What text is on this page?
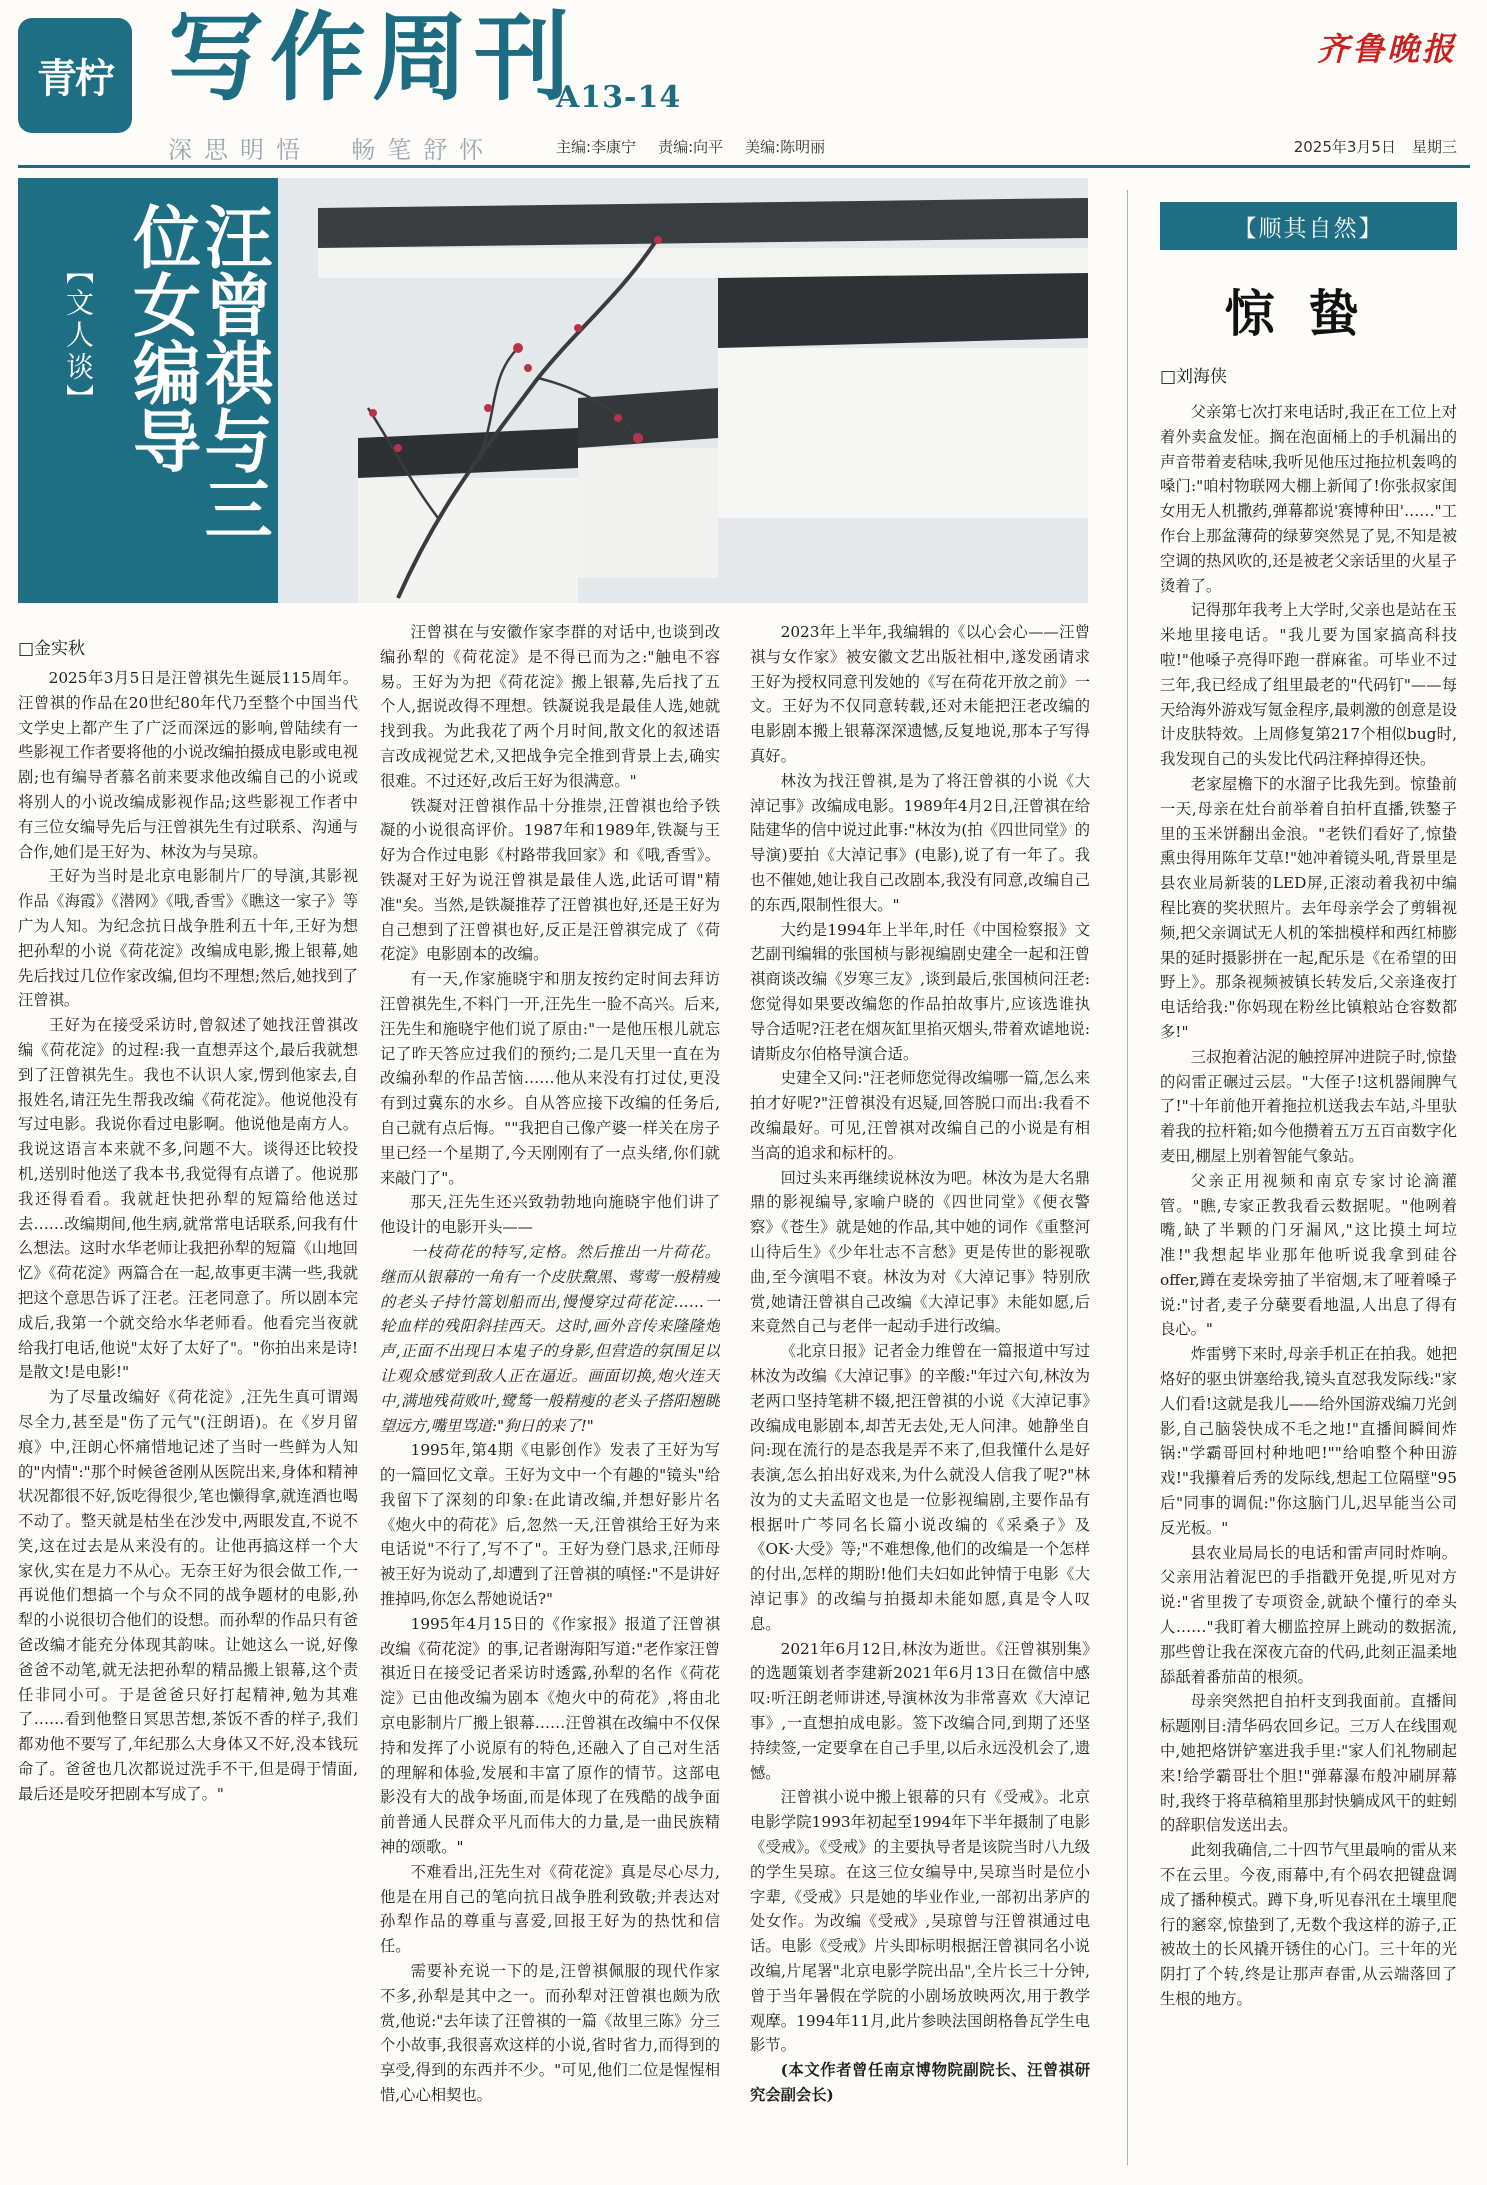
青柠 写作周刊
A13-14
齐鲁晚报
深思明悟  畅笔舒怀	主编:李康宁 责编:向平 美编:陈明丽	2025年3月5日 星期三
汪曾祺与三位女编导
【文人谈】
□金实秋

2025年3月5日是汪曾祺先生诞辰115周年。汪曾祺的作品在20世纪80年代乃至整个中国当代文学史上都产生了广泛而深远的影响,曾陆续有一些影视工作者要将他的小说改编拍摄成电影或电视剧;也有编导者慕名前来要求他改编自己的小说或将别人的小说改编成影视作品;这些影视工作者中有三位女编导先后与汪曾祺先生有过联系、沟通与合作,她们是王好为、林汝为与吴琼。

王好为当时是北京电影制片厂的导演,其影视作品《海霞》《潜网》《哦,香雪》《瞧这一家子》等广为人知。为纪念抗日战争胜利五十年,王好为想把孙犁的小说《荷花淀》改编成电影,搬上银幕,她先后找过几位作家改编,但均不理想;然后,她找到了汪曾祺。

王好为在接受采访时,曾叙述了她找汪曾祺改编《荷花淀》的过程:我一直想弄这个,最后我就想到了汪曾祺先生。我也不认识人家,愣到他家去,自报姓名,请汪先生帮我改编《荷花淀》。他说他没有写过电影。我说你看过电影啊。他说他是南方人。我说这语言本来就不多,问题不大。谈得还比较投机,送别时他送了我本书,我觉得有点谱了。他说那我还得看看。我就赶快把孙犁的短篇给他送过去……改编期间,他生病,就常常电话联系,问我有什么想法。这时水华老师让我把孙犁的短篇《山地回忆》《荷花淀》两篇合在一起,故事更丰满一些,我就把这个意思告诉了汪老。汪老同意了。所以剧本完成后,我第一个就交给水华老师看。他看完当夜就给我打电话,他说"太好了太好了"。"你拍出来是诗!是散文!是电影!"

为了尽量改编好《荷花淀》,汪先生真可谓竭尽全力,甚至是"伤了元气"(汪朗语)。在《岁月留痕》中,汪朗心怀痛惜地记述了当时一些鲜为人知的"内情":"那个时候爸爸刚从医院出来,身体和精神状况都很不好,饭吃得很少,笔也懒得拿,就连酒也喝不动了。整天就是枯坐在沙发中,两眼发直,不说不笑,这在过去是从来没有的。让他再搞这样一个大家伙,实在是力不从心。无奈王好为很会做工作,一再说他们想搞一个与众不同的战争题材的电影,孙犁的小说很切合他们的设想。而孙犁的作品只有爸爸改编才能充分体现其韵味。让她这么一说,好像爸爸不动笔,就无法把孙犁的精品搬上银幕,这个责任非同小可。于是爸爸只好打起精神,勉为其难了……看到他整日冥思苦想,茶饭不香的样子,我们都劝他不要写了,年纪那么大身体又不好,没本钱玩命了。爸爸也几次都说过洗手不干,但是碍于情面,最后还是咬牙把剧本写成了。"

汪曾祺在与安徽作家李群的对话中,也谈到改编孙犁的《荷花淀》是不得已而为之:"触电不容易。王好为为把《荷花淀》搬上银幕,先后找了五个人,据说改得不理想。铁凝说我是最佳人选,她就找到我。为此我花了两个月时间,散文化的叙述语言改成视觉艺术,又把战争完全推到背景上去,确实很难。不过还好,改后王好为很满意。"

铁凝对汪曾祺作品十分推崇,汪曾祺也给予铁凝的小说很高评价。1987年和1989年,铁凝与王好为合作过电影《村路带我回家》和《哦,香雪》。铁凝对王好为说汪曾祺是最佳人选,此话可谓"精准"矣。当然,是铁凝推荐了汪曾祺也好,还是王好为自己想到了汪曾祺也好,反正是汪曾祺完成了《荷花淀》电影剧本的改编。

有一天,作家施晓宇和朋友按约定时间去拜访汪曾祺先生,不料门一开,汪先生一脸不高兴。后来,汪先生和施晓宇他们说了原由:"一是他压根儿就忘记了昨天答应过我们的预约;二是几天里一直在为改编孙犁的作品苦恼……他从来没有打过仗,更没有到过冀东的水乡。自从答应接下改编的任务后,自己就有点后悔。""我把自己像产婆一样关在房子里已经一个星期了,今天刚刚有了一点头绪,你们就来敲门了"。

那天,汪先生还兴致勃勃地向施晓宇他们讲了他设计的电影开头——

一枝荷花的特写,定格。然后推出一片荷花。继而从银幕的一角有一个皮肤黧黑、莺莺一般精瘦的老头子持竹篙划船而出,慢慢穿过荷花淀……一轮血样的残阳斜挂西天。这时,画外音传来隆隆炮声,正面不出现日本鬼子的身影,但营造的氛围足以让观众感觉到敌人正在逼近。画面切换,炮火连天中,满地残荷败叶,鹭鸶一般精瘦的老头子搭阳翘眺望远方,嘴里骂道:"狗日的来了!"

1995年,第4期《电影创作》发表了王好为写的一篇回忆文章。王好为文中一个有趣的"镜头"给我留下了深刻的印象:在此请改编,并想好影片名《炮火中的荷花》后,忽然一天,汪曾祺给王好为来电话说"不行了,写不了"。王好为登门恳求,汪师母被王好为说动了,却遭到了汪曾祺的嗔怪:"不是讲好推掉吗,你怎么帮她说话?"

1995年4月15日的《作家报》报道了汪曾祺改编《荷花淀》的事,记者谢海阳写道:"老作家汪曾祺近日在接受记者采访时透露,孙犁的名作《荷花淀》已由他改编为剧本《炮火中的荷花》,将由北京电影制片厂搬上银幕……汪曾祺在改编中不仅保持和发挥了小说原有的特色,还融入了自己对生活的理解和体验,发展和丰富了原作的情节。这部电影没有大的战争场面,而是体现了在残酷的战争面前普通人民群众平凡而伟大的力量,是一曲民族精神的颂歌。"

不难看出,汪先生对《荷花淀》真是尽心尽力,他是在用自己的笔向抗日战争胜利致敬;并表达对孙犁作品的尊重与喜爱,回报王好为的热忱和信任。

需要补充说一下的是,汪曾祺佩服的现代作家不多,孙犁是其中之一。而孙犁对汪曾祺也颇为欣赏,他说:"去年读了汪曾祺的一篇《故里三陈》分三个小故事,我很喜欢这样的小说,省时省力,而得到的享受,得到的东西并不少。"可见,他们二位是惺惺相惜,心心相契也。

2023年上半年,我编辑的《以心会心——汪曾祺与女作家》被安徽文艺出版社相中,遂发函请求王好为授权同意刊发她的《写在荷花开放之前》一文。王好为不仅同意转载,还对未能把汪老改编的电影剧本搬上银幕深深遗憾,反复地说,那本子写得真好。

林汝为找汪曾祺,是为了将汪曾祺的小说《大淖记事》改编成电影。1989年4月2日,汪曾祺在给陆建华的信中说过此事:"林汝为(拍《四世同堂》的导演)要拍《大淖记事》(电影),说了有一年了。我也不催她,她让我自己改剧本,我没有同意,改编自己的东西,限制性很大。"

大约是1994年上半年,时任《中国检察报》文艺副刊编辑的张国桢与影视编剧史建全一起和汪曾祺商谈改编《岁寒三友》,谈到最后,张国桢问汪老:您觉得如果要改编您的作品拍故事片,应该选谁执导合适呢?汪老在烟灰缸里掐灭烟头,带着欢谑地说:请斯皮尔伯格导演合适。

史建全又问:"汪老师您觉得改编哪一篇,怎么来拍才好呢?"汪曾祺没有迟疑,回答脱口而出:我看不改编最好。可见,汪曾祺对改编自己的小说是有相当高的追求和标杆的。

回过头来再继续说林汝为吧。林汝为是大名鼎鼎的影视编导,家喻户晓的《四世同堂》《便衣警察》《苍生》就是她的作品,其中她的词作《重整河山待后生》《少年壮志不言愁》更是传世的影视歌曲,至今演唱不衰。林汝为对《大淖记事》特别欣赏,她请汪曾祺自己改编《大淖记事》未能如愿,后来竟然自己与老伴一起动手进行改编。

《北京日报》记者金力维曾在一篇报道中写过林汝为改编《大淖记事》的辛酸:"年过六旬,林汝为老两口坚持笔耕不辍,把汪曾祺的小说《大淖记事》改编成电影剧本,却苦无去处,无人问津。她静坐自问:现在流行的是态我是弄不来了,但我懂什么是好表演,怎么拍出好戏来,为什么就没人信我了呢?"林汝为的丈夫孟昭文也是一位影视编剧,主要作品有根据叶广芩同名长篇小说改编的《采桑子》及《OK·大受》等;"不难想像,他们的改编是一个怎样的付出,怎样的期盼!他们夫妇如此钟情于电影《大淖记事》的改编与拍摄却未能如愿,真是令人叹息。

2021年6月12日,林汝为逝世。《汪曾祺别集》的选题策划者李建新2021年6月13日在微信中感叹:听汪朗老师讲述,导演林汝为非常喜欢《大淖记事》,一直想拍成电影。签下改编合同,到期了还坚持续签,一定要拿在自己手里,以后永远没机会了,遗憾。

汪曾祺小说中搬上银幕的只有《受戒》。北京电影学院1993年初起至1994年下半年摄制了电影《受戒》。《受戒》的主要执导者是该院当时八九级的学生吴琼。在这三位女编导中,吴琼当时是位小字辈,《受戒》只是她的毕业作业,一部初出茅庐的处女作。为改编《受戒》,吴琼曾与汪曾祺通过电话。电影《受戒》片头即标明根据汪曾祺同名小说改编,片尾署"北京电影学院出品",全片长三十分钟,曾于当年暑假在学院的小剧场放映两次,用于教学观摩。1994年11月,此片参映法国朗格鲁瓦学生电影节。

(本文作者曾任南京博物院副院长、汪曾祺研究会副会长)

【顺其自然】
惊蛰
□刘海侠

父亲第七次打来电话时,我正在工位上对着外卖盒发怔。搁在泡面桶上的手机漏出的声音带着麦秸味,我听见他压过拖拉机轰鸣的嗓门:"咱村物联网大棚上新闻了!你张叔家闺女用无人机撒药,弹幕都说'赛博种田'……"工作台上那盆薄荷的绿萝突然晃了晃,不知是被空调的热风吹的,还是被老父亲话里的火星子烫着了。

记得那年我考上大学时,父亲也是站在玉米地里接电话。"我儿要为国家搞高科技啦!"他嗓子亮得吓跑一群麻雀。可毕业不过三年,我已经成了组里最老的"代码钉"——每天给海外游戏写氪金程序,最刺激的创意是设计皮肤特效。上周修复第217个相似bug时,我发现自己的头发比代码注释掉得还快。

老家屋檐下的水溜子比我先到。惊蛰前一天,母亲在灶台前举着自拍杆直播,铁鏊子里的玉米饼翻出金浪。"老铁们看好了,惊蛰熏虫得用陈年艾草!"她冲着镜头吼,背景里是县农业局新装的LED屏,正滚动着我初中编程比赛的奖状照片。去年母亲学会了剪辑视频,把父亲调试无人机的笨拙模样和西红柿膨果的延时摄影拼在一起,配乐是《在希望的田野上》。那条视频被镇长转发后,父亲逢夜打电话给我:"你妈现在粉丝比镇粮站仓容数都多!"

三叔抱着沾泥的触控屏冲进院子时,惊蛰的闷雷正碾过云层。"大侄子!这机器闹脾气了!"十年前他开着拖拉机送我去车站,斗里驮着我的拉杆箱;如今他攒着五万五百亩数字化麦田,棚屋上别着智能气象站。

父亲正用视频和南京专家讨论滴灌管。"瞧,专家正教我看云数据呢。"他咧着嘴,缺了半颗的门牙漏风,"这比摸土坷垃准!"我想起毕业那年他听说我拿到硅谷offer,蹲在麦垛旁抽了半宿烟,末了哑着嗓子说:"讨者,麦子分蘖要看地温,人出息了得有良心。"

炸雷劈下来时,母亲手机正在拍我。她把烙好的驱虫饼塞给我,镜头直怼我发际线:"家人们看!这就是我儿——给外国游戏编刀光剑影,自己脑袋快成不毛之地!"直播间瞬间炸锅:"学霸哥回村种地吧!""给咱整个种田游戏!"我攥着后秀的发际线,想起工位隔壁"95后"同事的调侃:"你这脑门儿,迟早能当公司反光板。"

县农业局局长的电话和雷声同时炸响。父亲用沾着泥巴的手指戳开免提,听见对方说:"省里拨了专项资金,就缺个懂行的牵头人……"我盯着大棚监控屏上跳动的数据流,那些曾让我在深夜亢奋的代码,此刻正温柔地舔舐着番茄苗的根须。

母亲突然把自拍杆支到我面前。直播间标题刚目:清华码农回乡记。三万人在线围观中,她把烙饼铲塞进我手里:"家人们礼物刷起来!给学霸哥壮个胆!"弹幕瀑布般冲刷屏幕时,我终于将草稿箱里那封快躺成风干的蛀蚓的辞职信发送出去。

此刻我确信,二十四节气里最响的雷从来不在云里。今夜,雨幕中,有个码农把键盘调成了播种模式。蹲下身,听见春汛在土壤里爬行的窸窣,惊蛰到了,无数个我这样的游子,正被故土的长风撬开锈住的心门。三十年的光阴打了个转,终是让那声春雷,从云端落回了生根的地方。
